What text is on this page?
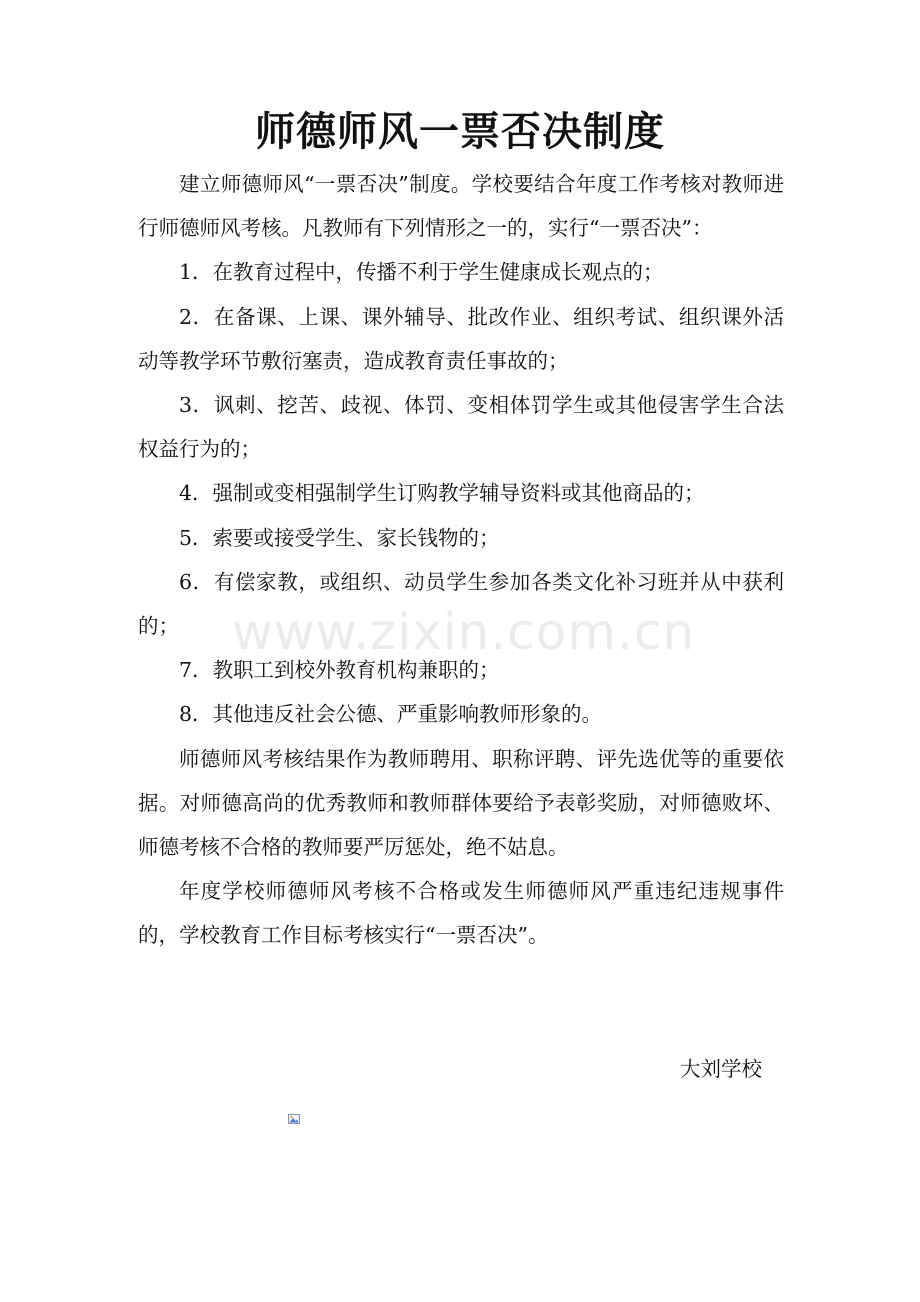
师德师风一票否决制度

建立师德师风“一票否决”制度。学校要结合年度工作考核对教师进行师德师风考核。凡教师有下列情形之一的，实行“一票否决”：

1．在教育过程中，传播不利于学生健康成长观点的；

2．在备课、上课、课外辅导、批改作业、组织考试、组织课外活动等教学环节敷衍塞责，造成教育责任事故的；

3．讽刺、挖苦、歧视、体罚、变相体罚学生或其他侵害学生合法权益行为的；

4．强制或变相强制学生订购教学辅导资料或其他商品的；

5．索要或接受学生、家长钱物的；

6．有偿家教，或组织、动员学生参加各类文化补习班并从中获利的；

7．教职工到校外教育机构兼职的；

8．其他违反社会公德、严重影响教师形象的。

师德师风考核结果作为教师聘用、职称评聘、评先选优等的重要依据。对师德高尚的优秀教师和教师群体要给予表彰奖励，对师德败坏、师德考核不合格的教师要严厉惩处，绝不姑息。

年度学校师德师风考核不合格或发生师德师风严重违纪违规事件的，学校教育工作目标考核实行“一票否决”。

www.zixin.com.cn
大刘学校
